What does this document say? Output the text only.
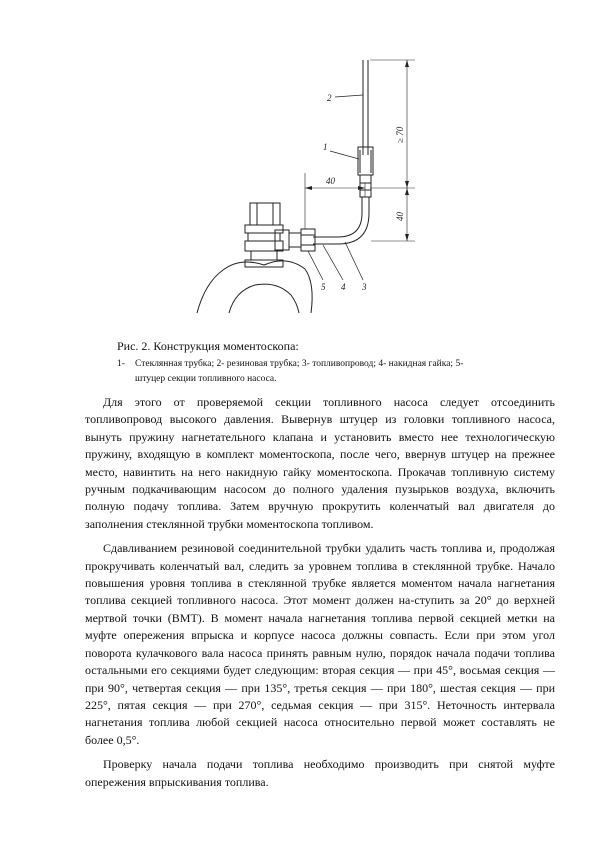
2
1
5 4 3
40
40
≥ 70
Рис. 2. Конструкция моментоскопа:
1- Стеклянная трубка; 2- резиновая трубка; 3- топливопровод; 4- накидная гайка; 5-
штуцер секции топливного насоса.

Для этого от проверяемой секции топливного насоса следует отсоединить топливопровод высокого давления. Вывернув штуцер из головки топливного насоса, вынуть пружину нагнетательного клапана и установить вместо нее технологическую пружину, входящую в комплект моментоскопа, после чего, ввернув штуцер на прежнее место, навинтить на него накидную гайку моментоскопа. Прокачав топливную систему ручным подкачивающим насосом до полного удаления пузырьков воздуха, включить полную подачу топлива. Затем вручную прокрутить коленчатый вал двигателя до заполнения стеклянной трубки моментоскопа топливом.

Сдавливанием резиновой соединительной трубки удалить часть топлива и, продолжая прокручивать коленчатый вал, следить за уровнем топлива в стеклянной трубке. Начало повышения уровня топлива в стеклянной трубке является моментом начала нагнетания топлива секцией топливного насоса. Этот момент должен на-ступить за 20° до верхней мертвой точки (ВМТ). В момент начала нагнетания топлива первой секцией метки на муфте опережения впрыска и корпусе насоса должны совпасть. Если при этом угол поворота кулачкового вала насоса принять равным нулю, порядок начала подачи топлива остальными его секциями будет следующим: вторая секция — при 45°, восьмая секция — при 90°, четвертая секция — при 135°, третья секция — при 180°, шестая секция — при 225°, пятая секция — при 270°, седьмая секция — при 315°. Неточность интервала нагнетания топлива любой секцией насоса относительно первой может составлять не более 0,5°.

Проверку начала подачи топлива необходимо производить при снятой муфте опережения впрыскивания топлива.
